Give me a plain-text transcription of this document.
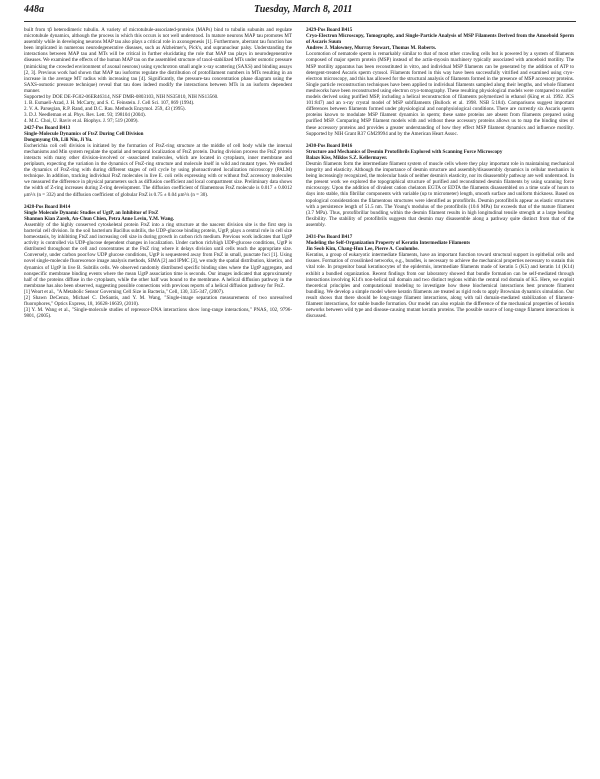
448a	Tuesday, March 8, 2011

built from τβ heterodimeric tubulin. A variety of microtubule-associated-proteins (MAPs) bind to tubulin subunits and regulate microtubule dynamics, although the process in which this occurs is not well understood. In mature neurons MAP tau promotes MT assembly while in developing neurons MAP tau also plays a critical role in axonogenesis [1]. Furthermore, aberrant tau function has been implicated in numerous neurodegenerative diseases, such as Alzheimer's, Pick's, and supranuclear palsy. Understanding the interactions between MAP tau and MTs will be critical in further elucidating the role that MAP tau plays in neurodegenerative diseases. We examined the effects of the human MAP tau on the assembled structure of taxol-stabilized MTs under osmotic pressure (mimicking the crowded environment of axonal neurons) using synchrotron small angle x-ray scattering (SAXS) and binding assays [2, 3]. Previous work had shown that MAP tau isoforms regulate the distribution of protofilament numbers in MTs resulting in an increase in the average MT radius with increasing tau [4]. Significantly, the pressure-tau concentration phase diagram using the SAXS-osmotic pressure technique) reveal that tau does indeed modify the interactions between MTs in an isoform dependent manner.

Supported by DOE DE-FG02-06ER46314, NSF DMR-0803103, NIH NS35010, NIH NS13560.

1. B. Esmaeli-Azad, J. H. McCarty, and S. C. Feinstein. J. Cell Sci. 107, 869 (1994).

2. V. A. Parsegian, R.P. Rand, and D.C. Rau. Methods Enzymol. 259, 43 (1995).

3. D.J. Needleman et al. Phys. Rev. Lett. 93; 198104 (2004).

4. M.C. Choi, U. Raviv et al. Biophys. J. 97; 519 (2009).

2427-Pos Board B413

Single-Molecule Dynamics of FtsZ During Cell Division

Dongmyung Oh, Lili Niu, Ji Yu.

Escherichia coli cell division is initiated by the formation of FtsZ-ring structure at the middle of cell body while the internal mechanisms and Min system regulate the spatial and temporal localization of FtsZ protein. During division process the FtsZ protein interacts with many other division-involved or -associated molecules, which are located in cytoplasm, inner membrane and periplasm, expecting the variation in the dynamics of FtsZ-ring structure and molecule itself in wild and mutant types. We studied the dynamics of FtsZ-ring with during different stages of cell cycle by using photoactivated localization microscopy (PALM) technique. In addition, tracking individual FtsZ molecules in live E. coli cells expressing with or without ftsZ accessory molecules we measured the difference in physical parameters such as diffusion coefficient and local compartment size. Preliminary data shows the width of Z-ring increases during Z-ring development. The diffusion coefficient of filamentous FtsZ molecule is 0.017 ± 0.0012 μm²/s (n = 332) and the diffusion coefficient of globular FtsZ is 0.75 ± 0.04 μm²/s (n = 30).

2428-Pos Board B414

Single Molecule Dynamic Studies of UgtP, an Inhibitor of FtsZ

Shannon Kian Zareh, An-Chun Chien, Petra Anne Levin, Y.M. Wang.

Assembly of the highly conserved cytoskeletal protein FtsZ into a ring structure at the nascent division site is the first step in bacterial cell division. In the soil bacterium Bacillus subtilis, the UDP-glucose binding protein, UgtP, plays a central role in cell size homeostasis, by inhibiting FtsZ and increasing cell size in during growth in carbon rich medium. Previous work indicates that UgtP activity is controlled via UDP-glucose dependent changes in localization. Under carbon rich/high UDP-glucose conditions, UgtP is distributed throughout the cell and concentrates at the FtsZ ring where it delays division until cells reach the appropriate size. Conversely, under carbon poor/low UDP glucose conditions, UgtP is sequestered away from FtsZ in small, punctate foci [1]. Using novel single-molecule fluorescence image analysis methods, SIMA [2] and IPMC [3], we study the spatial distribution, kinetics, and dynamics of UgtP in live B. Subtilis cells. We observed randomly distributed specific binding sites where the UgtP aggregate, and nonspecific membrane binding events where the mean UgtP association time is seconds. Our images indicated that approximately half of the proteins diffuse in the cytoplasm, while the other half was bound to the membrane. A helical diffusion pathway in the membrane has also been observed, suggesting possible connections with previous reports of a helical diffusion pathway for FtsZ.

[1] Weart et al., "A Metabolic Sensor Governing Cell Size in Bacteria," Cell, 130, 335-347, (2007).

[2] Shawn DeCenzo, Michael C. DeSantis, and Y. M. Wang, "Single-image separation measurements of two unresolved fluorophores," Optics Express, 18, 16628-16639, (2010).

[3] Y. M. Wang et al., "Single-molecule studies of repressor-DNA interactions show long-range interactions," PNAS, 102, 9796-9801, (2005).

2429-Pos Board B415

Cryo-Electron Microscopy, Tomography, and Single-Particle Analysis of MSP Filaments Derived from the Amoeboid Sperm of Ascaris Suum

Andrew J. Malowney, Murray Stewart, Thomas M. Roberts.

Locomotion of nematode sperm is remarkably similar to that of most other crawling cells but is powered by a system of filaments composed of major sperm protein (MSP) instead of the actin-myosin machinery typically associated with amoeboid motility. The MSP motility apparatus has been reconstituted in vitro, and individual MSP filaments can be generated by the addition of ATP to detergent-treated Ascaris sperm cytosol. Filaments formed in this way have been successfully vitrified and examined using cryo-electron microscopy, and this has allowed for the structural analysis of filaments formed in the presence of MSP accessory proteins. Single particle reconstruction techniques have been applied to individual filaments sampled along their lengths, and whole filament meshworks have been reconstructed using electron cryo-tomography. These resulting physiological models were compared to earlier models derived using purified MSP, including a helical reconstruction of filaments polymerized in ethanol (King et al. 1992. JCS 101:847) and an x-ray crystal model of MSP subfilaments (Bullock et al. 1998. NSB 5:184). Comparisons suggest important differences between filaments formed under physiological and nonphysiological conditions. There are currently six Ascaris sperm proteins known to modulate MSP filament dynamics in sperm; these same proteins are absent from filaments prepared using purified MSP. Comparing MSP filament models with and without these accessory proteins allows us to map the binding sites of these accessory proteins and provides a greater understanding of how they effect MSP filament dynamics and influence motility. Supported by NIH Grant R37 GM29994 and by the American Heart Assoc.

2430-Pos Board B416

Structure and Mechanics of Desmin Protofibrils Explored with Scanning Force Microscopy

Balazs Kiss, Miklos S.Z. Kellermayer.

Desmin filaments form the intermediate filament system of muscle cells where they play important role in maintaining mechanical integrity and elasticity. Although the importance of desmin structure and assembly/disassembly dynamics in cellular mechanics is being increasingly recognized, the molecular basis of neither desmin's elasticity, nor its disassembly pathway are well understood. In the present work we explored the topographical structure of purified and reconstituted desmin filaments by using scanning force microscopy. Upon the addition of divalent cation chelators EGTA or EDTA the filaments disassembled on a time scale of hours to days into stable, thin fibrillar components with variable (up to micrometer) length, smooth surface and uniform thickness. Based on topological considerations the filamentous structures were identified as protofibrils. Desmin protofibrils appear as elastic structures with a persistence length of 51.5 nm. The Young's modulus of the protofibrils (10.6 MPa) far exceeds that of the mature filament (3.7 MPa). Thus, protofibrillar bundling within the desmin filament results in high longitudinal tensile strength at a large bending flexibility. The stability of protofibrils suggests that desmin may disassemble along a pathway quite distinct from that of the assembly.

2431-Pos Board B417

Modeling the Self-Organization Property of Keratin Intermediate Filaments

Jin Seob Kim, Chang-Hun Lee, Pierre A. Coulombe.

Keratins, a group of eukaryotic intermediate filaments, have an important function toward structural support in epithelial cells and tissues. Formation of crosslinked networks, e.g., bundles, is necessary to achieve the mechanical properties necessary to sustain this vital role. In progenitor basal keratinocytes of the epidermis, intermediate filaments made of keratin 5 (K5) and keratin 14 (K14) exhibit a bundled organization. Recent findings from our laboratory showed that bundle formation can be self-mediated through interactions involving K14's non-helical tail domain and two distinct regions within the central rod domain of K5. Here, we exploit theoretical principles and computational modeling to investigate how these biochemical interactions best promote filament bundling. We develop a simple model where keratin filaments are treated as rigid rods to apply Brownian dynamics simulation. Our result shows that there should be long-range filament interactions, along with tail domain-mediated stabilization of filament-filament interactions, for stable bundle formation. Our model can also explain the difference of the mechanical properties of keratin networks between wild type and disease-causing mutant keratin proteins. The possible source of long-range filament interactions is discussed.
